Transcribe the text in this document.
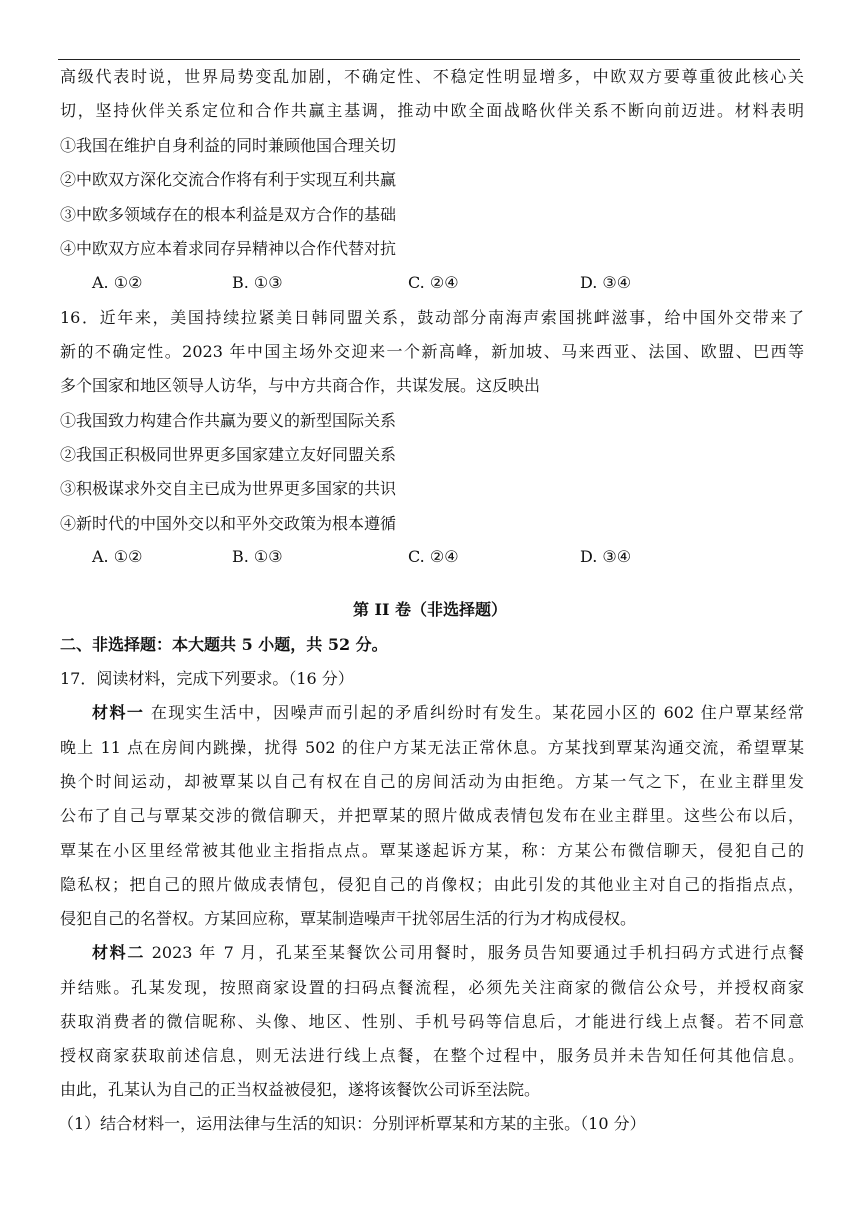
高级代表时说，世界局势变乱加剧，不确定性、不稳定性明显增多，中欧双方要尊重彼此核心关
切，坚持伙伴关系定位和合作共赢主基调，推动中欧全面战略伙伴关系不断向前迈进。材料表明
①我国在维护自身利益的同时兼顾他国合理关切
②中欧双方深化交流合作将有利于实现互利共赢
③中欧多领域存在的根本利益是双方合作的基础
④中欧双方应本着求同存异精神以合作代替对抗
A. ①②	B. ①③	C. ②④	D. ③④
16．近年来，美国持续拉紧美日韩同盟关系，鼓动部分南海声索国挑衅滋事，给中国外交带来了
新的不确定性。2023 年中国主场外交迎来一个新高峰，新加坡、马来西亚、法国、欧盟、巴西等
多个国家和地区领导人访华，与中方共商合作，共谋发展。这反映出
①我国致力构建合作共赢为要义的新型国际关系
②我国正积极同世界更多国家建立友好同盟关系
③积极谋求外交自主已成为世界更多国家的共识
④新时代的中国外交以和平外交政策为根本遵循
A. ①②	B. ①③	C. ②④	D. ③④
第 II 卷（非选择题）
二、非选择题：本大题共 5 小题，共 52 分。
17．阅读材料，完成下列要求。（16 分）
材料一 在现实生活中，因噪声而引起的矛盾纠纷时有发生。某花园小区的 602 住户覃某经常
晚上 11 点在房间内跳操，扰得 502 的住户方某无法正常休息。方某找到覃某沟通交流，希望覃某
换个时间运动，却被覃某以自己有权在自己的房间活动为由拒绝。方某一气之下，在业主群里发
公布了自己与覃某交涉的微信聊天，并把覃某的照片做成表情包发布在业主群里。这些公布以后，
覃某在小区里经常被其他业主指指点点。覃某遂起诉方某，称：方某公布微信聊天，侵犯自己的
隐私权；把自己的照片做成表情包，侵犯自己的肖像权；由此引发的其他业主对自己的指指点点，
侵犯自己的名誉权。方某回应称，覃某制造噪声干扰邻居生活的行为才构成侵权。
材料二 2023 年 7 月，孔某至某餐饮公司用餐时，服务员告知要通过手机扫码方式进行点餐
并结账。孔某发现，按照商家设置的扫码点餐流程，必须先关注商家的微信公众号，并授权商家
获取消费者的微信昵称、头像、地区、性别、手机号码等信息后，才能进行线上点餐。若不同意
授权商家获取前述信息，则无法进行线上点餐，在整个过程中，服务员并未告知任何其他信息。
由此，孔某认为自己的正当权益被侵犯，遂将该餐饮公司诉至法院。
（1）结合材料一，运用法律与生活的知识：分别评析覃某和方某的主张。（10 分）
